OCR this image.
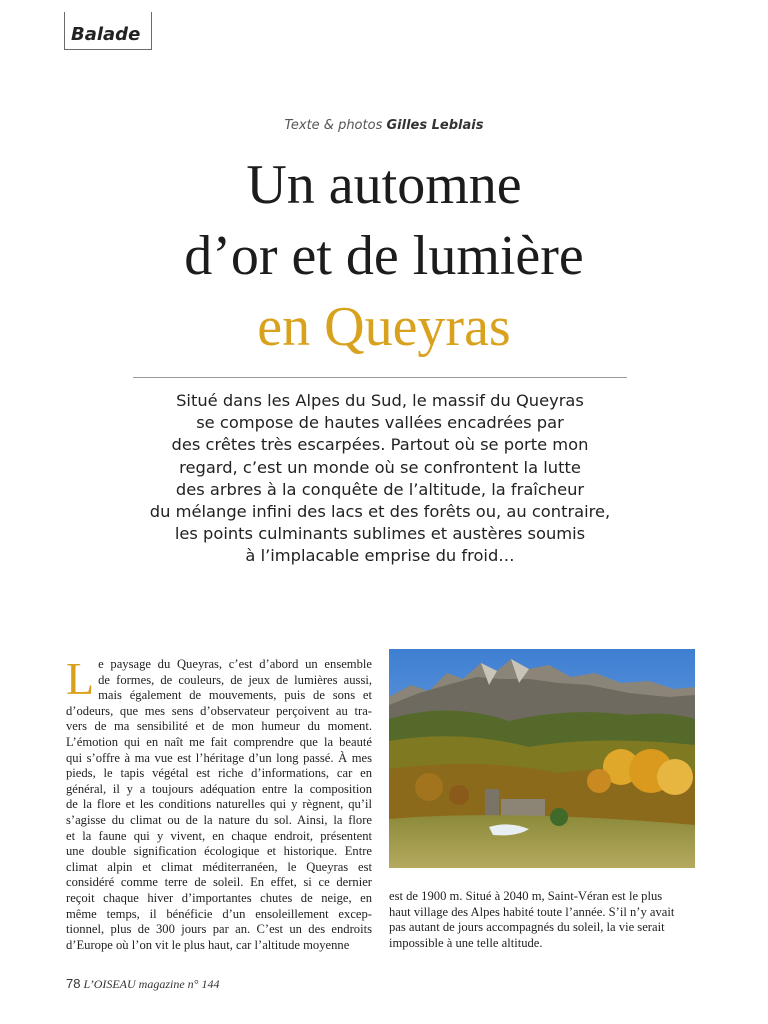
Balade
Texte & photos Gilles Leblais
Un automne
d’or et de lumière
en Queyras
Situé dans les Alpes du Sud, le massif du Queyras
se compose de hautes vallées encadrées par
des crêtes très escarpées. Partout où se porte mon
regard, c’est un monde où se confrontent la lutte
des arbres à la conquête de l’altitude, la fraîcheur
du mélange infini des lacs et des forêts ou, au contraire,
les points culminants sublimes et austères soumis
à l’implacable emprise du froid…
L e paysage du Queyras, c’est d’abord un ensemble
de formes, de couleurs, de jeux de lumières aussi,
mais également de mouvements, puis de sons et
d’odeurs, que mes sens d’observateur perçoivent au tra-
vers de ma sensibilité et de mon humeur du moment.
L’émotion qui en naît me fait comprendre que la beauté
qui s’offre à ma vue est l’héritage d’un long passé. À mes
pieds, le tapis végétal est riche d’informations, car en
général, il y a toujours adéquation entre la composition
de la flore et les conditions naturelles qui y règnent, qu’il
s’agisse du climat ou de la nature du sol. Ainsi, la flore
et la faune qui y vivent, en chaque endroit, présentent
une double signification écologique et historique. Entre
climat alpin et climat méditerranéen, le Queyras est
considéré comme terre de soleil. En effet, si ce dernier
reçoit chaque hiver d’importantes chutes de neige, en
même temps, il bénéficie d’un ensoleillement excep-
tionnel, plus de 300 jours par an. C’est un des endroits
d’Europe où l’on vit le plus haut, car l’altitude moyenne
est de 1900 m. Situé à 2040 m, Saint-Véran est le plus
haut village des Alpes habité toute l’année. S’il n’y avait
pas autant de jours accompagnés du soleil, la vie serait
impossible à une telle altitude.
78 L’OISEAU magazine n° 144
